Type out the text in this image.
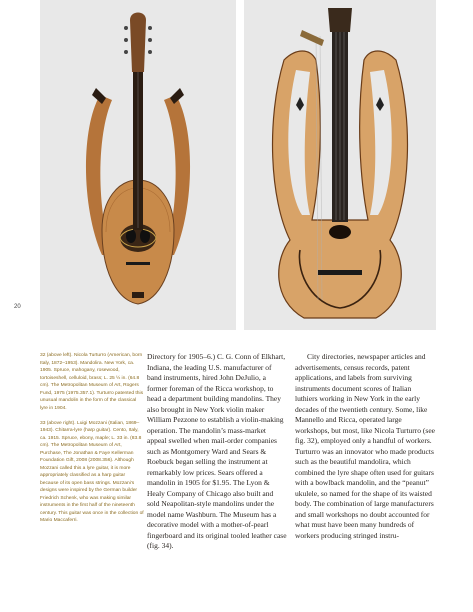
20

32 (above left). Nicola Turturro (American, born Italy, 1872–1953). Mandolira. New York, ca. 1905. Spruce, mahogany, rosewood, tortoiseshell, celluloid, brass; L. 25 ½ in. (64.8 cm). The Metropolitan Museum of Art, Rogers Fund, 1975 (1975.357.1). Turturro patented this unusual mandolin in the form of the classical lyre in 1904.

33 (above right). Luigi Mozzani (Italian, 1869–1943). Chitarra-lyre (harp guitar). Cento, Italy, ca. 1915. Spruce, ebony, maple; L. 33 in. (83.8 cm). The Metropolitan Museum of Art, Purchase, The Jonathan & Faye Kellerman Foundation Gift, 2008 (2008.356). Although Mozzani called this a lyre guitar, it is more appropriately classified as a harp guitar because of its open bass strings. Mozzani’s designs were inspired by the German builder Friedrich Schenk, who was making similar instruments in the first half of the nineteenth century. This guitar was once in the collection of Mario Maccaferri.

Directory for 1905–6.) C. G. Conn of Elkhart, Indiana, the leading U.S. manufacturer of band instruments, hired John DeJulio, a former foreman of the Ricca workshop, to head a department building mandolins. They also brought in New York violin maker William Pezzone to establish a violin-making operation. The mandolin’s mass-market appeal swelled when mail-order companies such as Montgomery Ward and Sears & Roebuck began selling the instrument at remarkably low prices. Sears offered a mandolin in 1905 for $1.95. The Lyon & Healy Company of Chicago also built and sold Neapolitan-style mandolins under the model name Washburn. The Museum has a decorative model with a mother-of-pearl fingerboard and its original tooled leather case (fig. 34).

City directories, newspaper articles and advertisements, census records, patent applications, and labels from surviving instruments document scores of Italian luthiers working in New York in the early decades of the twentieth century. Some, like Mannello and Ricca, operated large workshops, but most, like Nicola Turturro (see fig. 32), employed only a handful of workers. Turturro was an innovator who made products such as the beautiful mandolira, which combined the lyre shape often used for guitars with a bowlback mandolin, and the “peanut” ukulele, so named for the shape of its waisted body. The combination of large manufacturers and small workshops no doubt accounted for what must have been many hundreds of workers producing stringed instru-
